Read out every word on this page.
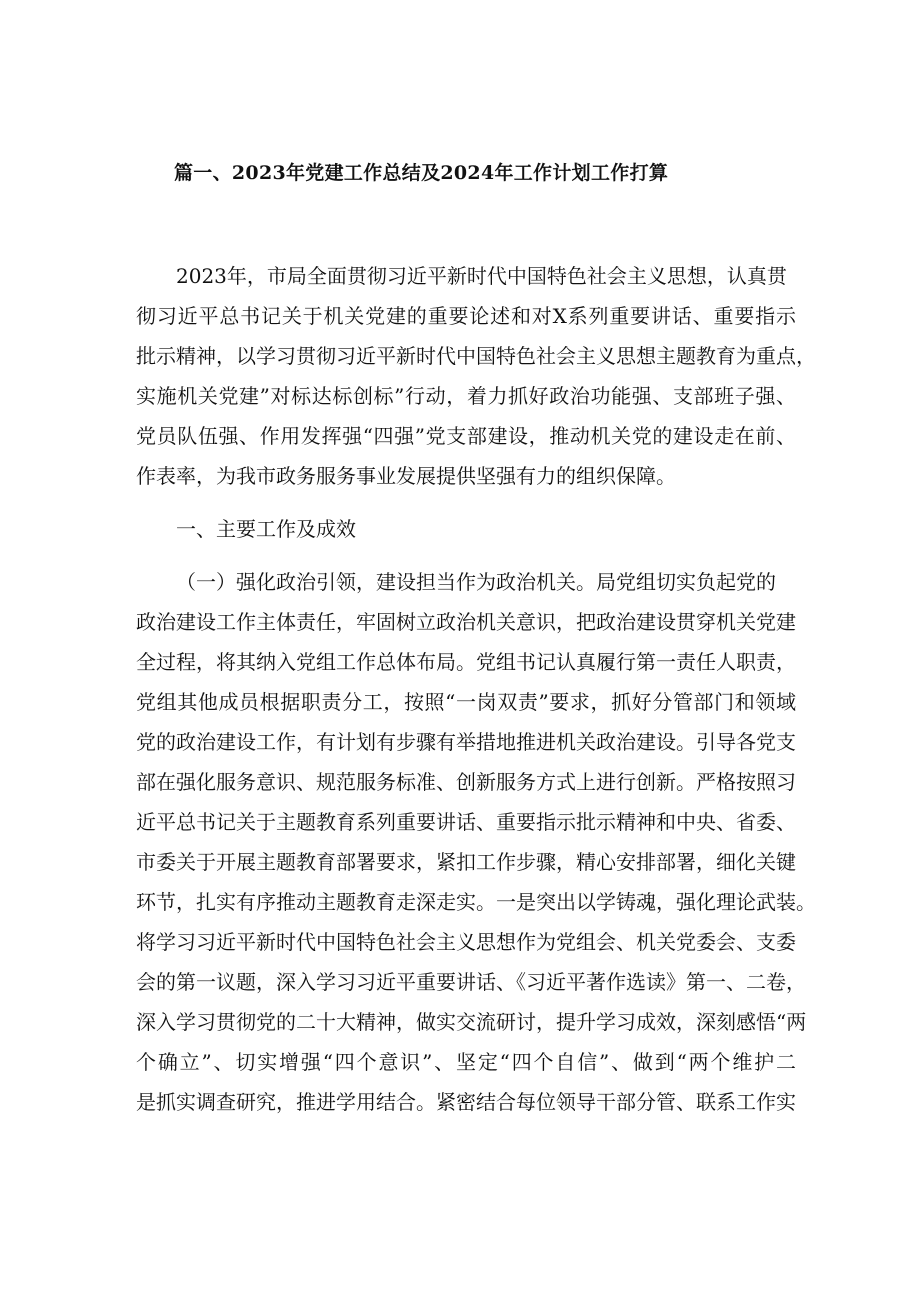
篇一、2023年党建工作总结及2024年工作计划工作打算
2023年，市局全面贯彻习近平新时代中国特色社会主义思想，认真贯
彻习近平总书记关于机关党建的重要论述和对X系列重要讲话、重要指示
批示精神，以学习贯彻习近平新时代中国特色社会主义思想主题教育为重点，
实施机关党建”对标达标创标”行动，着力抓好政治功能强、支部班子强、
党员队伍强、作用发挥强“四强”党支部建设，推动机关党的建设走在前、
作表率，为我市政务服务事业发展提供坚强有力的组织保障。
一、主要工作及成效
（一）强化政治引领，建设担当作为政治机关。局党组切实负起党的
政治建设工作主体责任，牢固树立政治机关意识，把政治建设贯穿机关党建
全过程，将其纳入党组工作总体布局。党组书记认真履行第一责任人职责，
党组其他成员根据职责分工，按照“一岗双责”要求，抓好分管部门和领域
党的政治建设工作，有计划有步骤有举措地推进机关政治建设。引导各党支
部在强化服务意识、规范服务标准、创新服务方式上进行创新。严格按照习
近平总书记关于主题教育系列重要讲话、重要指示批示精神和中央、省委、
市委关于开展主题教育部署要求，紧扣工作步骤，精心安排部署，细化关键
环节，扎实有序推动主题教育走深走实。一是突出以学铸魂，强化理论武装。
将学习习近平新时代中国特色社会主义思想作为党组会、机关党委会、支委
会的第一议题，深入学习习近平重要讲话、《习近平著作选读》第一、二卷，
深入学习贯彻党的二十大精神，做实交流研讨，提升学习成效，深刻感悟“两
个确立”、切实增强“四个意识”、坚定“四个自信”、做到“两个维护二
是抓实调查研究，推进学用结合。紧密结合每位领导干部分管、联系工作实
